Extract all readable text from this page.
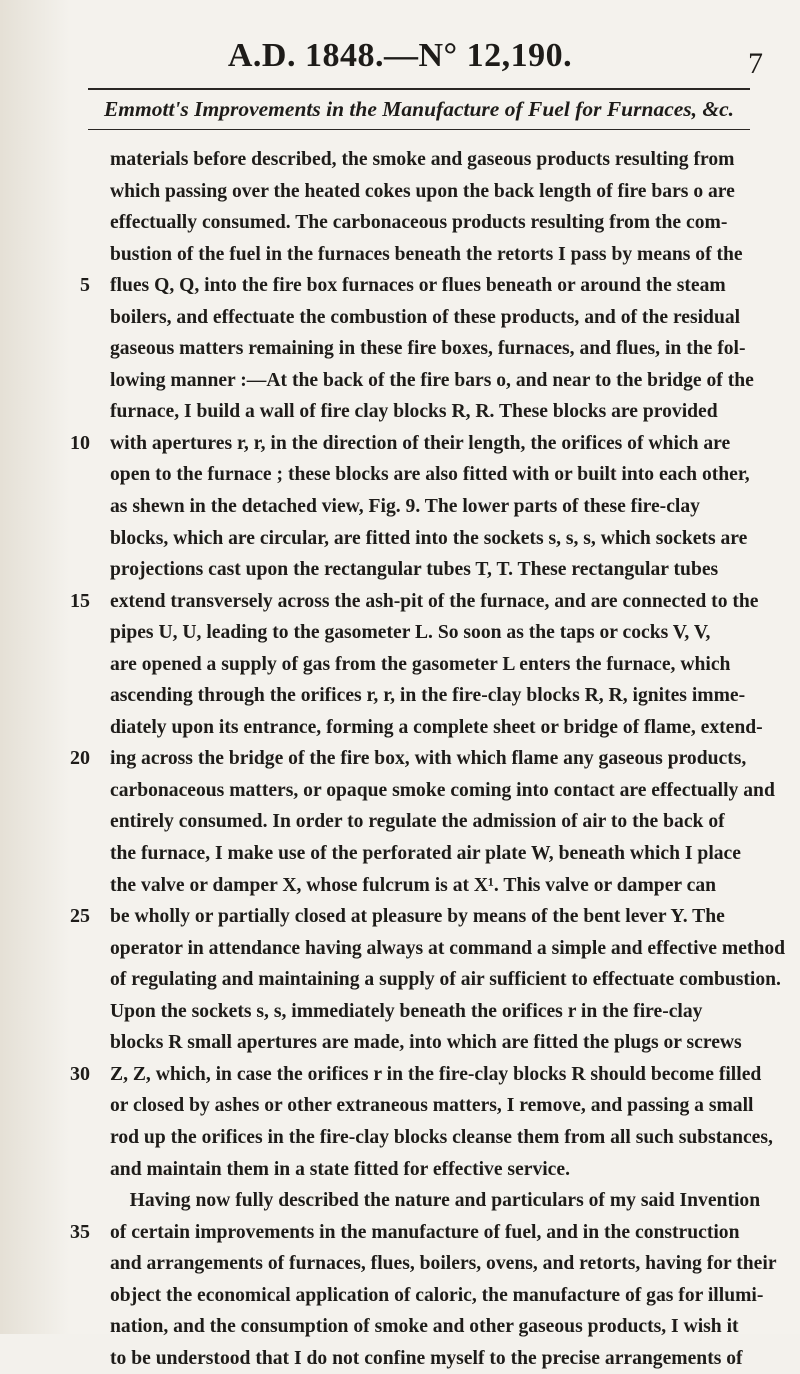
A.D. 1848.—N° 12,190.	7
Emmott's Improvements in the Manufacture of Fuel for Furnaces, &c.
materials before described, the smoke and gaseous products resulting from
which passing over the heated cokes upon the back length of fire bars o are
effectually consumed. The carbonaceous products resulting from the com-
bustion of the fuel in the furnaces beneath the retorts I pass by means of the
5 flues Q, Q, into the fire box furnaces or flues beneath or around the steam
boilers, and effectuate the combustion of these products, and of the residual
gaseous matters remaining in these fire boxes, furnaces, and flues, in the fol-
lowing manner :—At the back of the fire bars o, and near to the bridge of the
furnace, I build a wall of fire clay blocks R, R. These blocks are provided
10 with apertures r, r, in the direction of their length, the orifices of which are
open to the furnace ; these blocks are also fitted with or built into each other,
as shewn in the detached view, Fig. 9. The lower parts of these fire-clay
blocks, which are circular, are fitted into the sockets s, s, s, which sockets are
projections cast upon the rectangular tubes T, T. These rectangular tubes
15 extend transversely across the ash-pit of the furnace, and are connected to the
pipes U, U, leading to the gasometer L. So soon as the taps or cocks V, V,
are opened a supply of gas from the gasometer L enters the furnace, which
ascending through the orifices r, r, in the fire-clay blocks R, R, ignites imme-
diately upon its entrance, forming a complete sheet or bridge of flame, extend-
20 ing across the bridge of the fire box, with which flame any gaseous products,
carbonaceous matters, or opaque smoke coming into contact are effectually and
entirely consumed. In order to regulate the admission of air to the back of
the furnace, I make use of the perforated air plate W, beneath which I place
the valve or damper X, whose fulcrum is at X¹. This valve or damper can
25 be wholly or partially closed at pleasure by means of the bent lever Y. The
operator in attendance having always at command a simple and effective method
of regulating and maintaining a supply of air sufficient to effectuate combustion.
Upon the sockets s, s, immediately beneath the orifices r in the fire-clay
blocks R small apertures are made, into which are fitted the plugs or screws
30 Z, Z, which, in case the orifices r in the fire-clay blocks R should become filled
or closed by ashes or other extraneous matters, I remove, and passing a small
rod up the orifices in the fire-clay blocks cleanse them from all such substances,
and maintain them in a state fitted for effective service.
Having now fully described the nature and particulars of my said Invention
35 of certain improvements in the manufacture of fuel, and in the construction
and arrangements of furnaces, flues, boilers, ovens, and retorts, having for their
object the economical application of caloric, the manufacture of gas for illumi-
nation, and the consumption of smoke and other gaseous products, I wish it
to be understood that I do not confine myself to the precise arrangements of
